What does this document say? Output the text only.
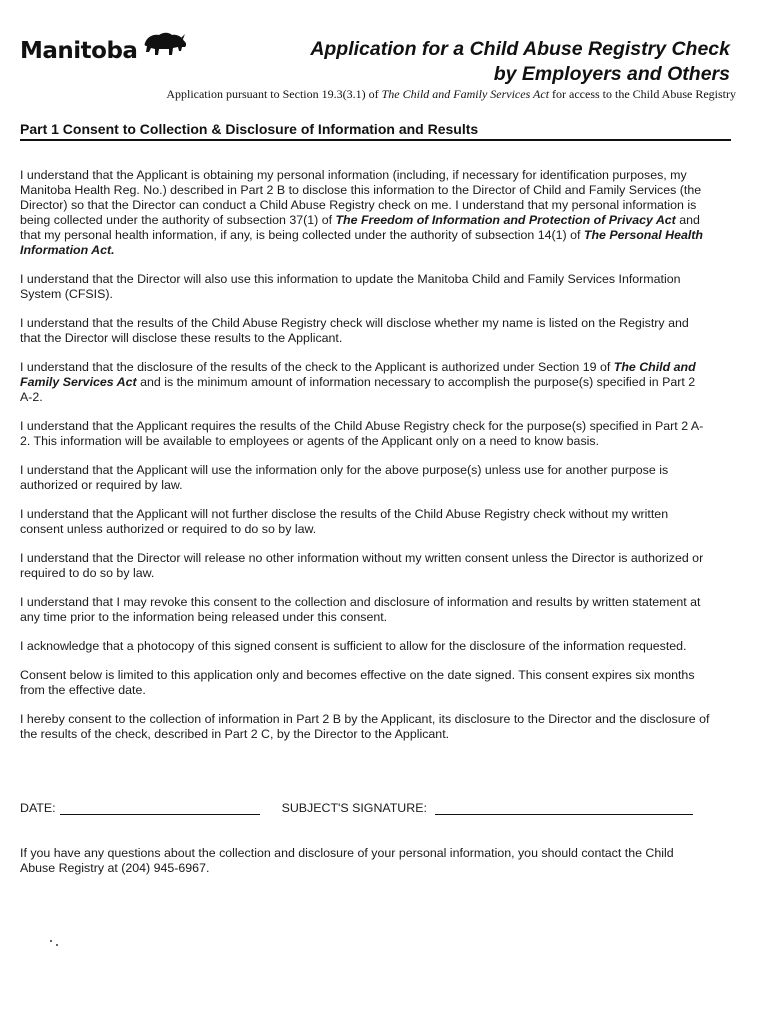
Manitoba	Application for a Child Abuse Registry Check
by Employers and Others
Application pursuant to Section 19.3(3.1) of The Child and Family Services Act for access to the Child Abuse Registry
Part 1 Consent to Collection & Disclosure of Information and Results

I understand that the Applicant is obtaining my personal information (including, if necessary for identification purposes, my Manitoba Health Reg. No.) described in Part 2 B to disclose this information to the Director of Child and Family Services (the Director) so that the Director can conduct a Child Abuse Registry check on me. I understand that my personal information is being collected under the authority of subsection 37(1) of The Freedom of Information and Protection of Privacy Act and that my personal health information, if any, is being collected under the authority of subsection 14(1) of The Personal Health Information Act.

I understand that the Director will also use this information to update the Manitoba Child and Family Services Information System (CFSIS).

I understand that the results of the Child Abuse Registry check will disclose whether my name is listed on the Registry and that the Director will disclose these results to the Applicant.

I understand that the disclosure of the results of the check to the Applicant is authorized under Section 19 of The Child and Family Services Act and is the minimum amount of information necessary to accomplish the purpose(s) specified in Part 2 A-2.

I understand that the Applicant requires the results of the Child Abuse Registry check for the purpose(s) specified in Part 2 A-2. This information will be available to employees or agents of the Applicant only on a need to know basis.

I understand that the Applicant will use the information only for the above purpose(s) unless use for another purpose is authorized or required by law.

I understand that the Applicant will not further disclose the results of the Child Abuse Registry check without my written consent unless authorized or required to do so by law.

I understand that the Director will release no other information without my written consent unless the Director is authorized or required to do so by law.

I understand that I may revoke this consent to the collection and disclosure of information and results by written statement at any time prior to the information being released under this consent.

I acknowledge that a photocopy of this signed consent is sufficient to allow for the disclosure of the information requested.

Consent below is limited to this application only and becomes effective on the date signed. This consent expires six months from the effective date.

I hereby consent to the collection of information in Part 2 B by the Applicant, its disclosure to the Director and the disclosure of the results of the check, described in Part 2 C, by the Director to the Applicant.

DATE:	SUBJECT'S SIGNATURE:
If you have any questions about the collection and disclosure of your personal information, you should contact the Child Abuse Registry at (204) 945-6967.
